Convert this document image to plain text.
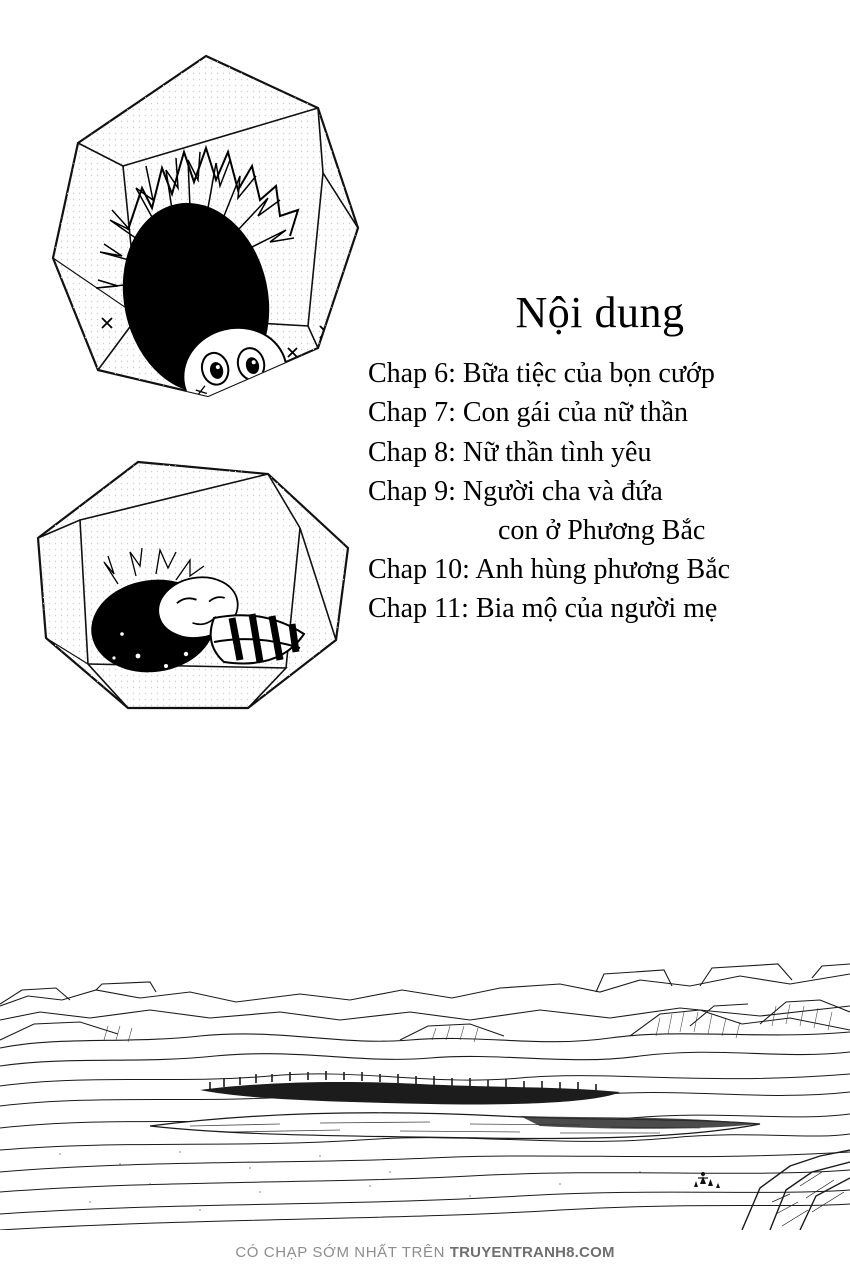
Nội dung
Chap 6: Bữa tiệc của bọn cướp
Chap 7: Con gái của nữ thần
Chap 8: Nữ thần tình yêu
Chap 9: Người cha và đứa
con ở Phương Bắc
Chap 10: Anh hùng phương Bắc
Chap 11: Bia mộ của người mẹ
CÓ CHẠP SỚM NHẤT TRÊN TRUYENTRANH8.COM
